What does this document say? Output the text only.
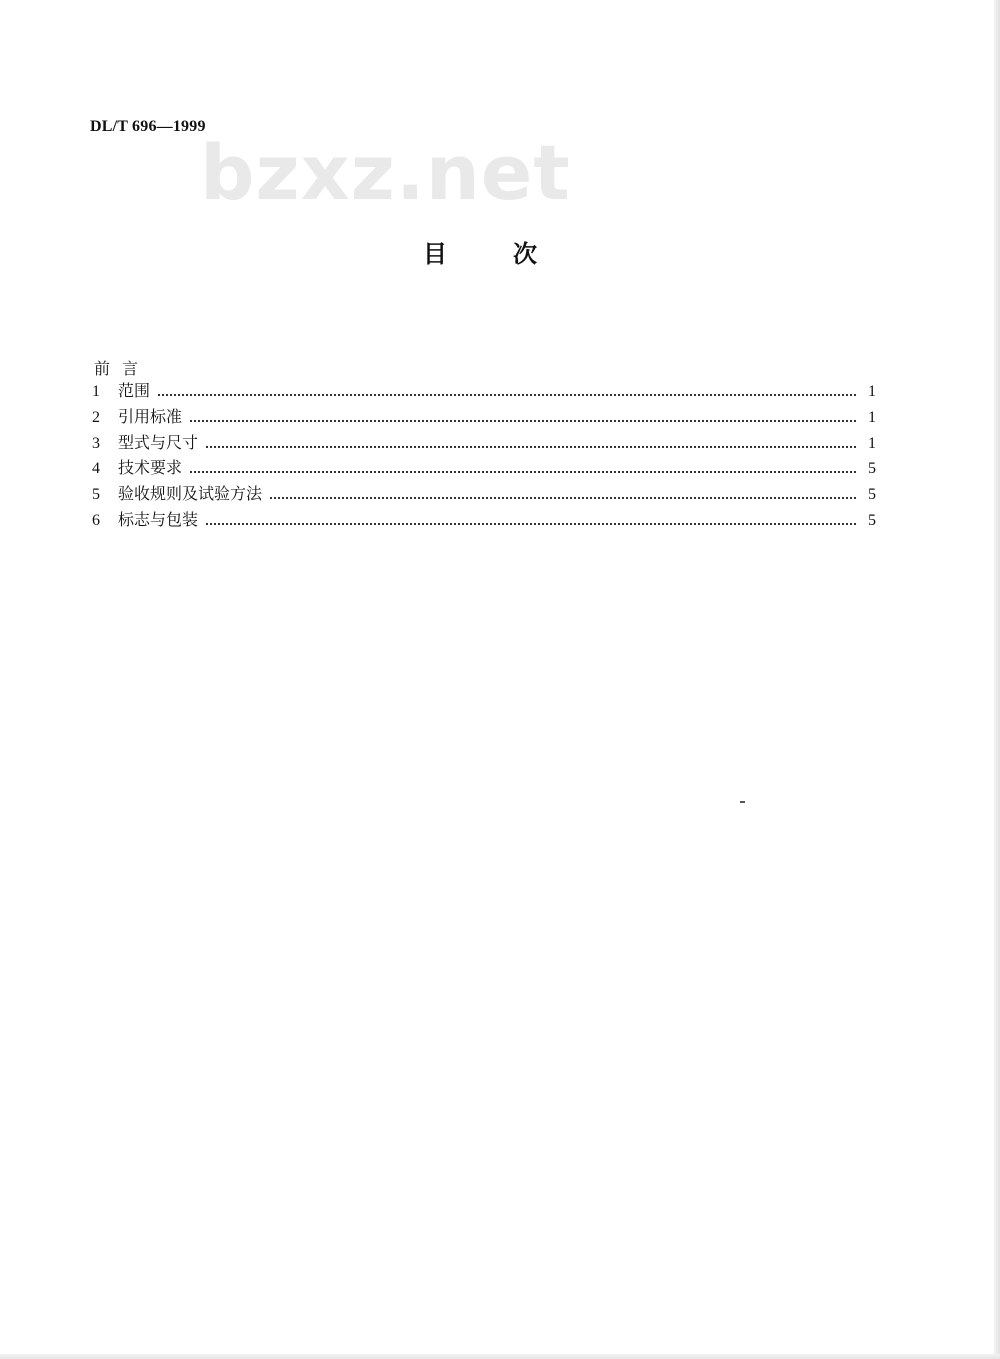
DL/T 696—1999
bzxz.net
目次
前言
1	范围	1
2	引用标准	1
3	型式与尺寸	1
4	技术要求	5
5	验收规则及试验方法	5
6	标志与包装	5
